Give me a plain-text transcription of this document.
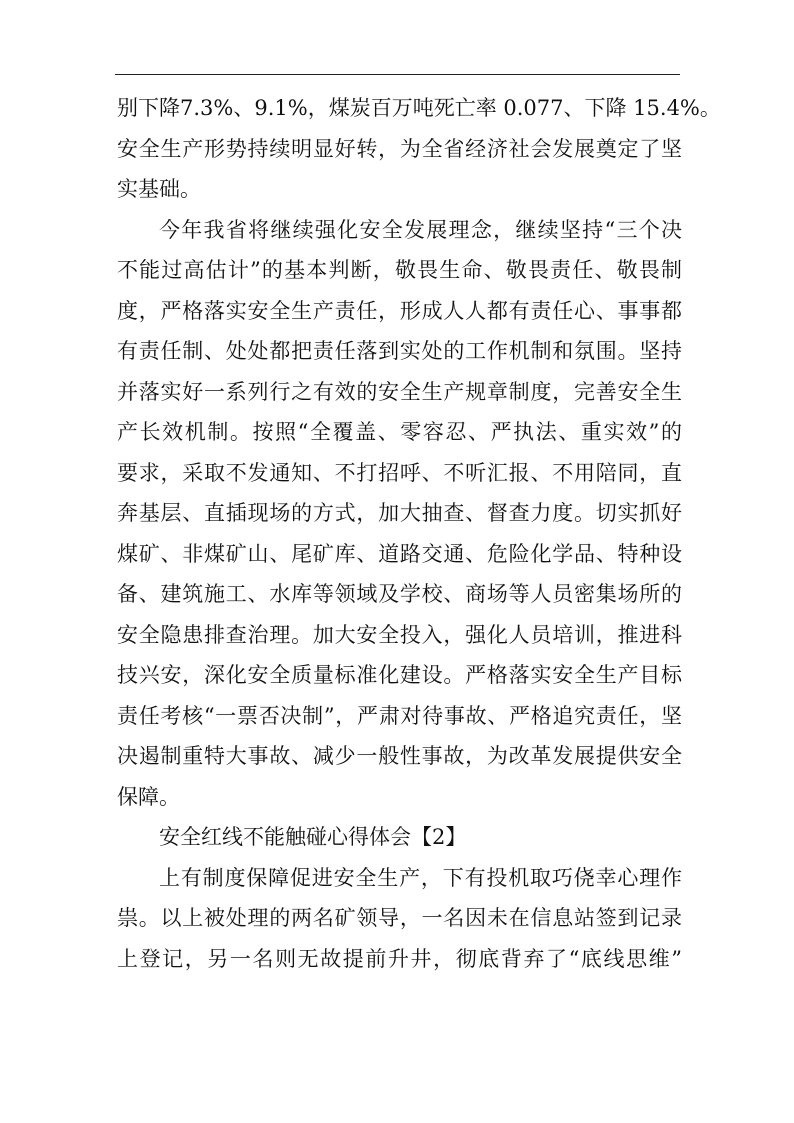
别下降7.3%、9.1%，煤炭百万吨死亡率 0.077、下降 15.4%。
安全生产形势持续明显好转，为全省经济社会发展奠定了坚
实基础。
今年我省将继续强化安全发展理念，继续坚持“三个决
不能过高估计”的基本判断，敬畏生命、敬畏责任、敬畏制
度，严格落实安全生产责任，形成人人都有责任心、事事都
有责任制、处处都把责任落到实处的工作机制和氛围。坚持
并落实好一系列行之有效的安全生产规章制度，完善安全生
产长效机制。按照“全覆盖、零容忍、严执法、重实效”的
要求，采取不发通知、不打招呼、不听汇报、不用陪同，直
奔基层、直插现场的方式，加大抽查、督查力度。切实抓好
煤矿、非煤矿山、尾矿库、道路交通、危险化学品、特种设
备、建筑施工、水库等领域及学校、商场等人员密集场所的
安全隐患排查治理。加大安全投入，强化人员培训，推进科
技兴安，深化安全质量标准化建设。严格落实安全生产目标
责任考核“一票否决制”，严肃对待事故、严格追究责任，坚
决遏制重特大事故、减少一般性事故，为改革发展提供安全
保障。
安全红线不能触碰心得体会【2】
上有制度保障促进安全生产，下有投机取巧侥幸心理作
祟。以上被处理的两名矿领导，一名因未在信息站签到记录
上登记，另一名则无故提前升井，彻底背弃了“底线思维”
